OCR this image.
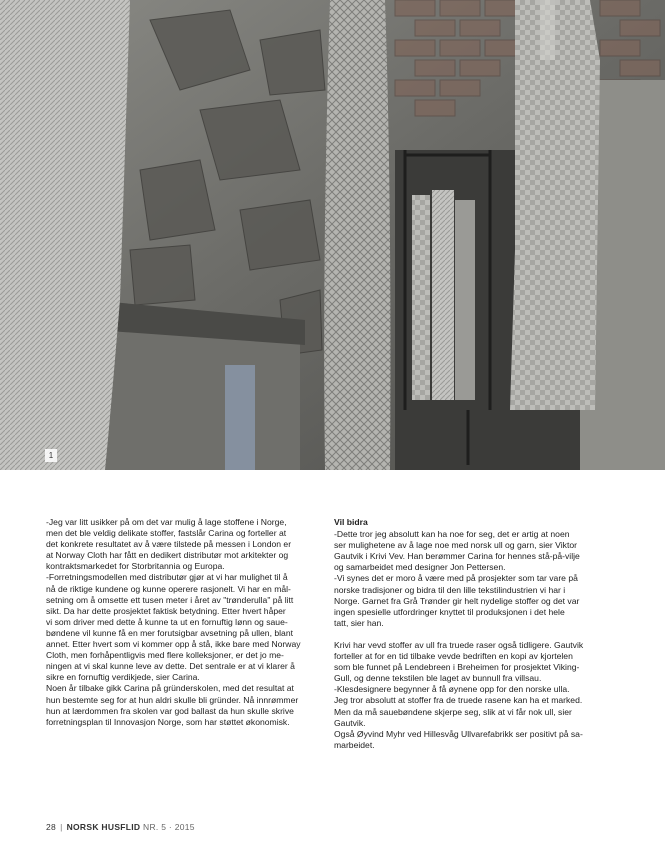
1

-Jeg var litt usikker på om det var mulig å lage stoffene i Norge,
men det ble veldig delikate stoffer, fastslår Carina og forteller at
det konkrete resultatet av å være tilstede på messen i London er
at Norway Cloth har fått en dedikert distributør mot arkitekter og
kontraktsmarkedet for Storbritannia og Europa.

-Forretningsmodellen med distributør gjør at vi har mulighet til å
nå de riktige kundene og kunne operere rasjonelt. Vi har en mål-
setning om å omsette ett tusen meter i året av "trønderulla" på litt
sikt. Da har dette prosjektet faktisk betydning. Etter hvert håper
vi som driver med dette å kunne ta ut en fornuftig lønn og saue-
bøndene vil kunne få en mer forutsigbar avsetning på ullen, blant
annet. Etter hvert som vi kommer opp å stå, ikke bare med Norway
Cloth, men forhåpentligvis med flere kolleksjoner, er det jo me-
ningen at vi skal kunne leve av dette. Det sentrale er at vi klarer å
sikre en fornuftig verdikjede, sier Carina.

Noen år tilbake gikk Carina på gründerskolen, med det resultat at
hun bestemte seg for at hun aldri skulle bli gründer. Nå innrømmer
hun at lærdommen fra skolen var god ballast da hun skulle skrive
forretningsplan til Innovasjon Norge, som har støttet økonomisk.

Vil bidra

-Dette tror jeg absolutt kan ha noe for seg, det er artig at noen
ser mulighetene av å lage noe med norsk ull og garn, sier Viktor
Gautvik i Krivi Vev. Han berømmer Carina for hennes stå-på-vilje
og samarbeidet med designer Jon Pettersen.

-Vi synes det er moro å være med på prosjekter som tar vare på
norske tradisjoner og bidra til den lille tekstilindustrien vi har i
Norge. Garnet fra Grå Trønder gir helt nydelige stoffer og det var
ingen spesielle utfordringer knyttet til produksjonen i det hele
tatt, sier han.

Krivi har vevd stoffer av ull fra truede raser også tidligere. Gautvik
forteller at for en tid tilbake vevde bedriften en kopi av kjortelen
som ble funnet på Lendebreen i Breheimen for prosjektet Viking-
Gull, og denne tekstilen ble laget av bunnull fra villsau.

-Klesdesignere begynner å få øynene opp for den norske ulla.
Jeg tror absolutt at stoffer fra de truede rasene kan ha et marked.
Men da må sauebøndene skjerpe seg, slik at vi får nok ull, sier
Gautvik.

Også Øyvind Myhr ved Hillesvåg Ullvarefabrikk ser positivt på sa-
marbeidet.

28 | NORSK HUSFLID NR. 5 · 2015
